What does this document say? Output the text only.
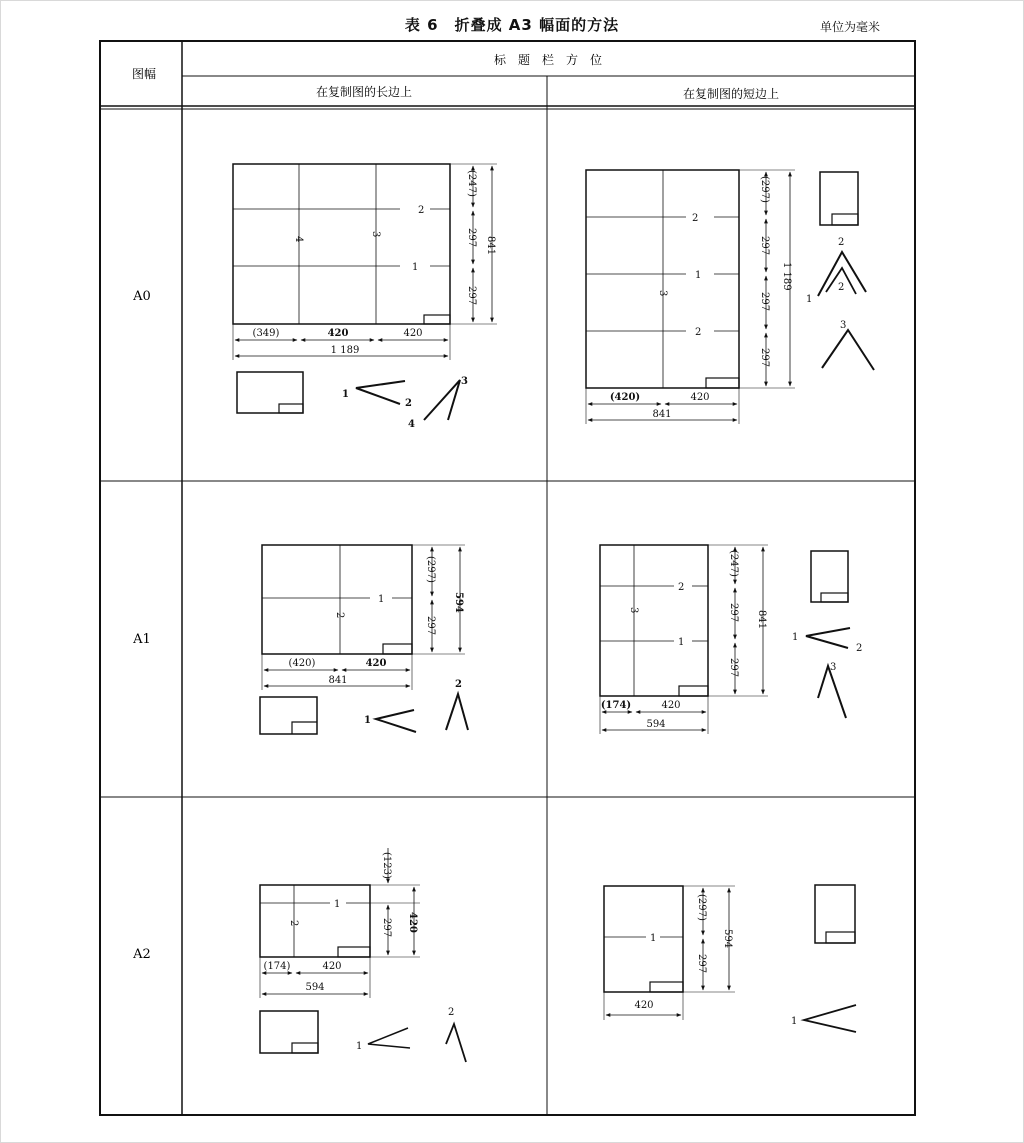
表 6　折叠成 A3 幅面的方法	单位为毫米
图幅
标　题　栏　方　位
在复制图的长边上	在复制图的短边上
A0
A1
A2
2
1
4
3
(247)
297
297
841
(349)	420	420
1 189
1
2
3
4
2
1
2
3
(297)
297
297
297
1 189
(420)	420
841
2
2
1
3
1
2
(297)
297
594
(420)	420
841
1
2
2
1
3
(247)
297
297
841
(174)	420
594
1
2
3
1
2
(123)
297 420
(174)	420
594
1
2
1
(297)
297
594
420
1
